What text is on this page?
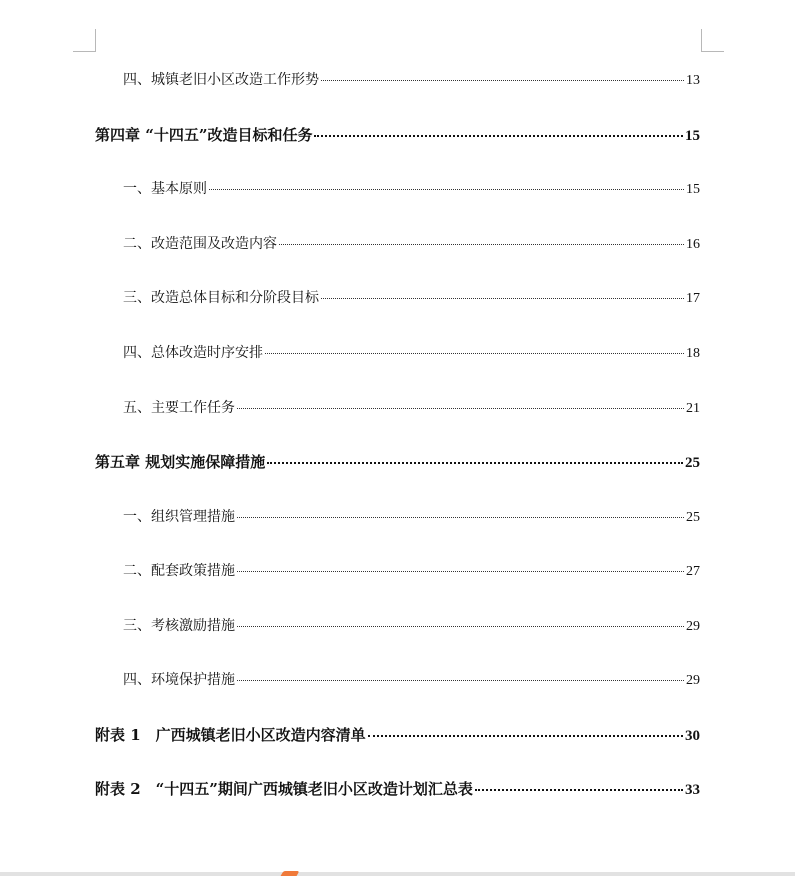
四、城镇老旧小区改造工作形势	13
第四章 “十四五”改造目标和任务	15
一、基本原则	15
二、改造范围及改造内容	16
三、改造总体目标和分阶段目标	17
四、总体改造时序安排	18
五、主要工作任务	21
第五章 规划实施保障措施	25
一、组织管理措施	25
二、配套政策措施	27
三、考核激励措施	29
四、环境保护措施	29
附表 1　广西城镇老旧小区改造内容清单	30
附表 2　“十四五”期间广西城镇老旧小区改造计划汇总表	33
